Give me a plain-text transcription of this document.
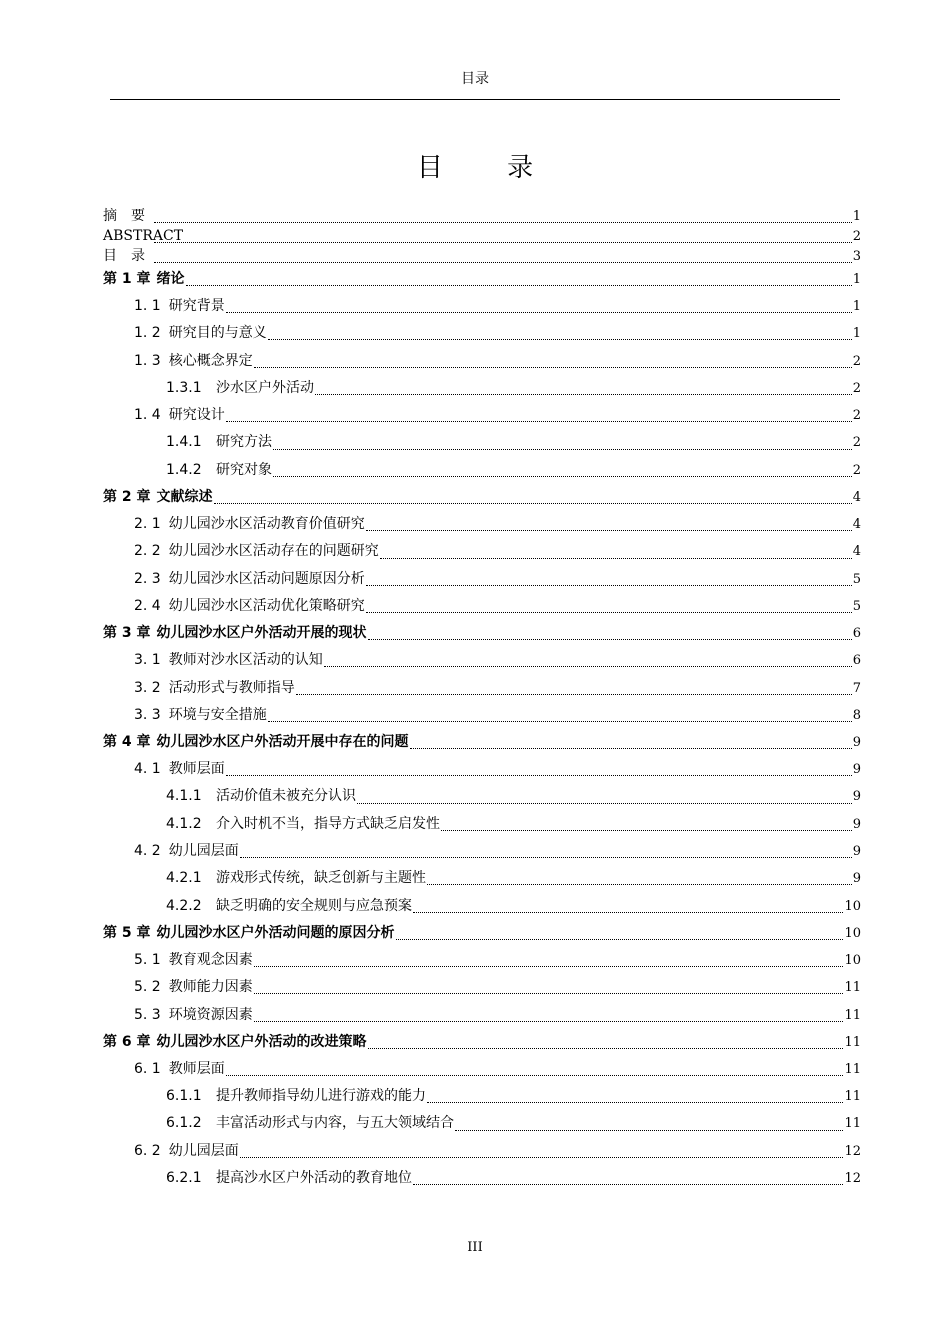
目录
目 录
摘　要	1
ABSTRACT	2
目　录	3
第 1 章 绪论	1
1. 1 研究背景	1
1. 2 研究目的与意义	1
1. 3 核心概念界定	2
1.3.1	沙水区户外活动	2
1. 4 研究设计	2
1.4.1	研究方法	2
1.4.2	研究对象	2
第 2 章 文献综述	4
2. 1 幼儿园沙水区活动教育价值研究	4
2. 2 幼儿园沙水区活动存在的问题研究	4
2. 3 幼儿园沙水区活动问题原因分析	5
2. 4 幼儿园沙水区活动优化策略研究	5
第 3 章 幼儿园沙水区户外活动开展的现状	6
3. 1 教师对沙水区活动的认知	6
3. 2 活动形式与教师指导	7
3. 3 环境与安全措施	8
第 4 章 幼儿园沙水区户外活动开展中存在的问题	9
4. 1 教师层面	9
4.1.1	活动价值未被充分认识	9
4.1.2	介入时机不当，指导方式缺乏启发性	9
4. 2 幼儿园层面	9
4.2.1	游戏形式传统，缺乏创新与主题性	9
4.2.2	缺乏明确的安全规则与应急预案	10
第 5 章 幼儿园沙水区户外活动问题的原因分析	10
5. 1 教育观念因素	10
5. 2 教师能力因素	11
5. 3 环境资源因素	11
第 6 章 幼儿园沙水区户外活动的改进策略	11
6. 1 教师层面	11
6.1.1	提升教师指导幼儿进行游戏的能力	11
6.1.2	丰富活动形式与内容，与五大领域结合	11
6. 2 幼儿园层面	12
6.2.1	提高沙水区户外活动的教育地位	12
III
